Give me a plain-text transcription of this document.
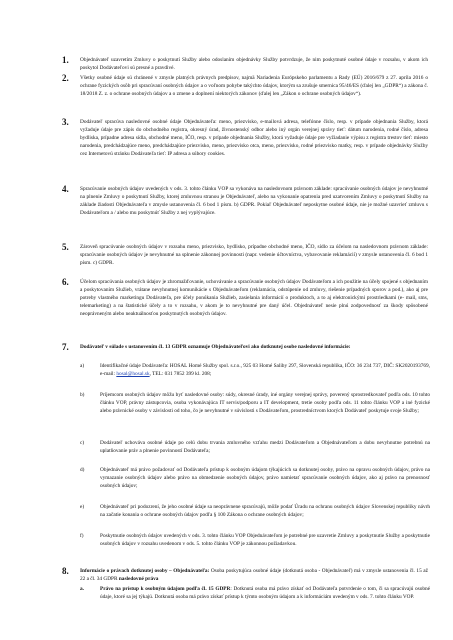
1. Objednávateľ uzavretím Zmluvy o poskytnutí Služby alebo odoslaním objednávky Služby potvrdzuje, že nim poskytnuté osobné údaje v rozsahu, v akom ich poskytol Dodávateľovi sú presné a pravdivé.
2. Všetky osobné údaje sú chránené v zmysle platných právnych predpisov, najmä Nariadenia Európskeho parlamentu a Rady (EÚ) 2016/679 z 27. apríla 2016 o ochrane fyzických osôb pri spracúvaní osobných údajov a o voľnom pohybe takýchto údajov, ktorým sa zrušuje smernica 95/46/ES (ďalej len „GDPR“) a zákona č. 18/2018 Z. z. o ochrane osobných údajov a o zmene a doplnení niektorých zákonov (ďalej len „Zákon o ochrane osobných údajov“).
3. Dodávateľ spracúva nasledovné osobné údaje Objednávateľa: meno, priezvisko, e-mailová adresa, telefónne číslo, resp. v prípade objednania Služby, ktorá vyžaduje údaje pre zápis do obchodného registra, okresný úrad, živnostenský odbor alebo iný orgán verejnej správy tieť: dátum narodenia, rodné číslo, adresa bydliska, prípadne adresa sídla, obchodné meno, IČO, resp. v prípade objednania Služby, ktorá vyžaduje údaje pre vyžiadanie výpisu z registra trestov tieť: miesto narodenia, predchádzajúce meno, predchádzajúce priezvisko, meno, priezvisko otca, meno, priezvisko, rodné priezvisko matky, resp. v prípade objednávky Služby cez Internetovú stránku Dodávateľa tieť: IP adresa a súbory cookies.
4. Spracúvanie osobných údajov uvedených v ods. 3. tohto článku VOP sa vykonáva na nasledovnom právnom základe: spracúvanie osobných údajov je nevyhnutné na plnenie Zmluvy o poskytnutí Služby, ktorej zmluvnou stranou je Objednávateľ, alebo na vykonanie opatrenia pred uzatvorením Zmluvy o poskytnutí Služby na základe žiadosti Objednávateľa v zmysle ustanovenia čl. 6 bod 1 písm. b) GDPR. Pokiaľ Objednávateľ neposkytne osobné údaje, nie je možné uzavrieť zmluvu s Dodávateľom a / alebo mu poskytnúť Služby z nej vyplývajúce.
5. Zároveň spracúvanie osobných údajov v rozsahu meno, priezvisko, bydlisko, prípadne obchodné meno, IČO, sídlo za účelom na nasledovnom právnom základe: spracúvanie osobných údajov je nevyhnutné na splnenie zákonnej povinnosti (napr. vedenie účtovníctva, vybavovanie reklamácií) v zmysle ustanovenia čl. 6 bod 1 písm. c) GDPR.
6. Účelom spracúvania osobných údajov je zhromažďovanie, uchovávanie a spracúvanie osobných údajov Dodávateľom a ich použitie na účely spojené s objednaním a poskytovaním Služieb, vrátane nevyhnutnej komunikácie s Objednávateľom (reklamácia, odstúpenie od zmluvy, riešenie prípadných sporov a pod.), ako aj pre potreby vlastného marketingu Dodávateľa, pre účely ponúkania Služieb, zasielania informácií o produktoch, a to aj elektronickými prostriedkami (e- mail, sms, telemarketing) a na štatistické účely a to v rozsahu, v akom je to nevyhnutné pre daný účel. Objednávateľ nesie plnú zodpovednosť za škody spôsobené neoprávneným alebo neaktuálnosťou poskytnutých osobných údajov.
7. Dodávateľ v súlade s ustanovením čl. 13 GDPR oznamuje Objednávateľovi ako dotknutej osobe nasledovné informácie:
a)	Identifikačné údaje Dodávateľa: HOSAL Homé Služby spol. s.r.o., 925 03 Homé Saliby 297, Slovenská republika, IČO: 36 234 737, DIČ: SK2020193769, e-mail: hosal@hosal.sk, TEL: 031 7852 399 kl. 208;
b)	Príjemcom osobných údajov môžu byť nasledovné osoby: súdy, okresné úrady, iné orgány verejnej správy, poverený sprostredkovateľ podľa ods. 10 tohto článku VOP, právny zástupcovia, osoba vykonávajúca IT servis/podporu a IT development, tretie osoby podľa ods. 11 tohto článku VOP a iné fyzické alebo právnické osoby v závislosti od toho, čo je nevyhnutné v súvislosti s Dodávateľom, prostredníctvom ktorých Dodávateľ poskytuje svoje Služby;
c)	Dodávateľ uchováva osobné údaje po celú dobu trvania zmluvného vzťahu medzi Dodávateľom a Objednávateľom a dobu nevyhnutne potrebnú na uplatňovanie práv a plnenie povinností Dodávateľa;
d)	Objednávateľ má právo požadovať od Dodávateľa prístup k osobným údajom týkajúcich sa dotknutej osoby, právo na opravu osobných údajov, právo na vymazanie osobných údajov alebo právo na obmedzenie osobných údajov, právo namietať spracúvanie osobných údajov, ako aj právo na prenosnosť osobných údajov;
e)	Objednávateľ pri podozrení, že jeho osobné údaje sa neoprávnene spracúvajú, môže podať Úradu na ochranu osobných údajov Slovenskej republiky návrh na začatie konania o ochrane osobných údajov podľa § 100 Zákona o ochrane osobných údajov;
f)	Poskytnutie osobných údajov uvedených v ods. 3. tohto článku VOP Objednávateľom je potrebné pre uzavretie Zmluvy a poskytnutie Služby a poskytnutie osobných údajov v rozsahu uvedenom v ods. 5. tohto článku VOP je zákonnou požiadavkou.
8. Informácie o právach dotknutej osoby – Objednávateľa: Osoba poskytujúca osobné údaje (dotknutá osoba - Objednávateľ) má v zmysle ustanovenia čl. 15 až 22 a čl. 34 GDPR nasledovné práva
a.	Právo na prístup k osobným údajom podľa čl. 15 GDPR: Dotknutá osoba má právo získať od Dodávateľa potvrdenie o tom, či sa spracúvajú osobné údaje, ktoré sa jej týkajú. Dotknutá osoba má právo získať prístup k týmto osobným údajom a k informáciám uvedeným v ods. 7. tohto článku VOP.
